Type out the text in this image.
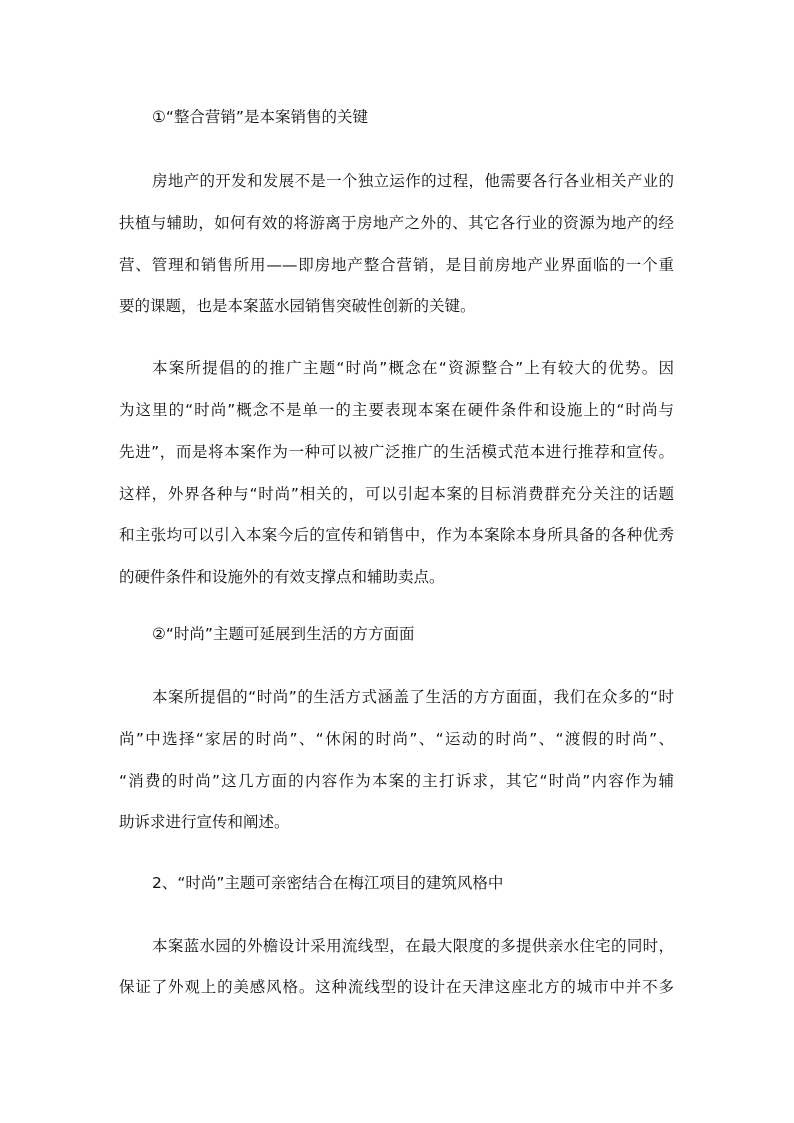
①“整合营销”是本案销售的关键

房地产的开发和发展不是一个独立运作的过程，他需要各行各业相关产业的

扶植与辅助，如何有效的将游离于房地产之外的、其它各行业的资源为地产的经

营、管理和销售所用——即房地产整合营销，是目前房地产业界面临的一个重

要的课题，也是本案蓝水园销售突破性创新的关键。

本案所提倡的的推广主题“时尚”概念在“资源整合”上有较大的优势。因

为这里的“时尚”概念不是单一的主要表现本案在硬件条件和设施上的“时尚与

先进”，而是将本案作为一种可以被广泛推广的生活模式范本进行推荐和宣传。

这样，外界各种与“时尚”相关的，可以引起本案的目标消费群充分关注的话题

和主张均可以引入本案今后的宣传和销售中，作为本案除本身所具备的各种优秀

的硬件条件和设施外的有效支撑点和辅助卖点。

②“时尚”主题可延展到生活的方方面面

本案所提倡的“时尚”的生活方式涵盖了生活的方方面面，我们在众多的“时

尚”中选择“家居的时尚”、“休闲的时尚”、“运动的时尚”、“渡假的时尚”、

“消费的时尚”这几方面的内容作为本案的主打诉求，其它“时尚”内容作为辅

助诉求进行宣传和阐述。

2、“时尚”主题可亲密结合在梅江项目的建筑风格中

本案蓝水园的外檐设计采用流线型，在最大限度的多提供亲水住宅的同时，

保证了外观上的美感风格。这种流线型的设计在天津这座北方的城市中并不多
